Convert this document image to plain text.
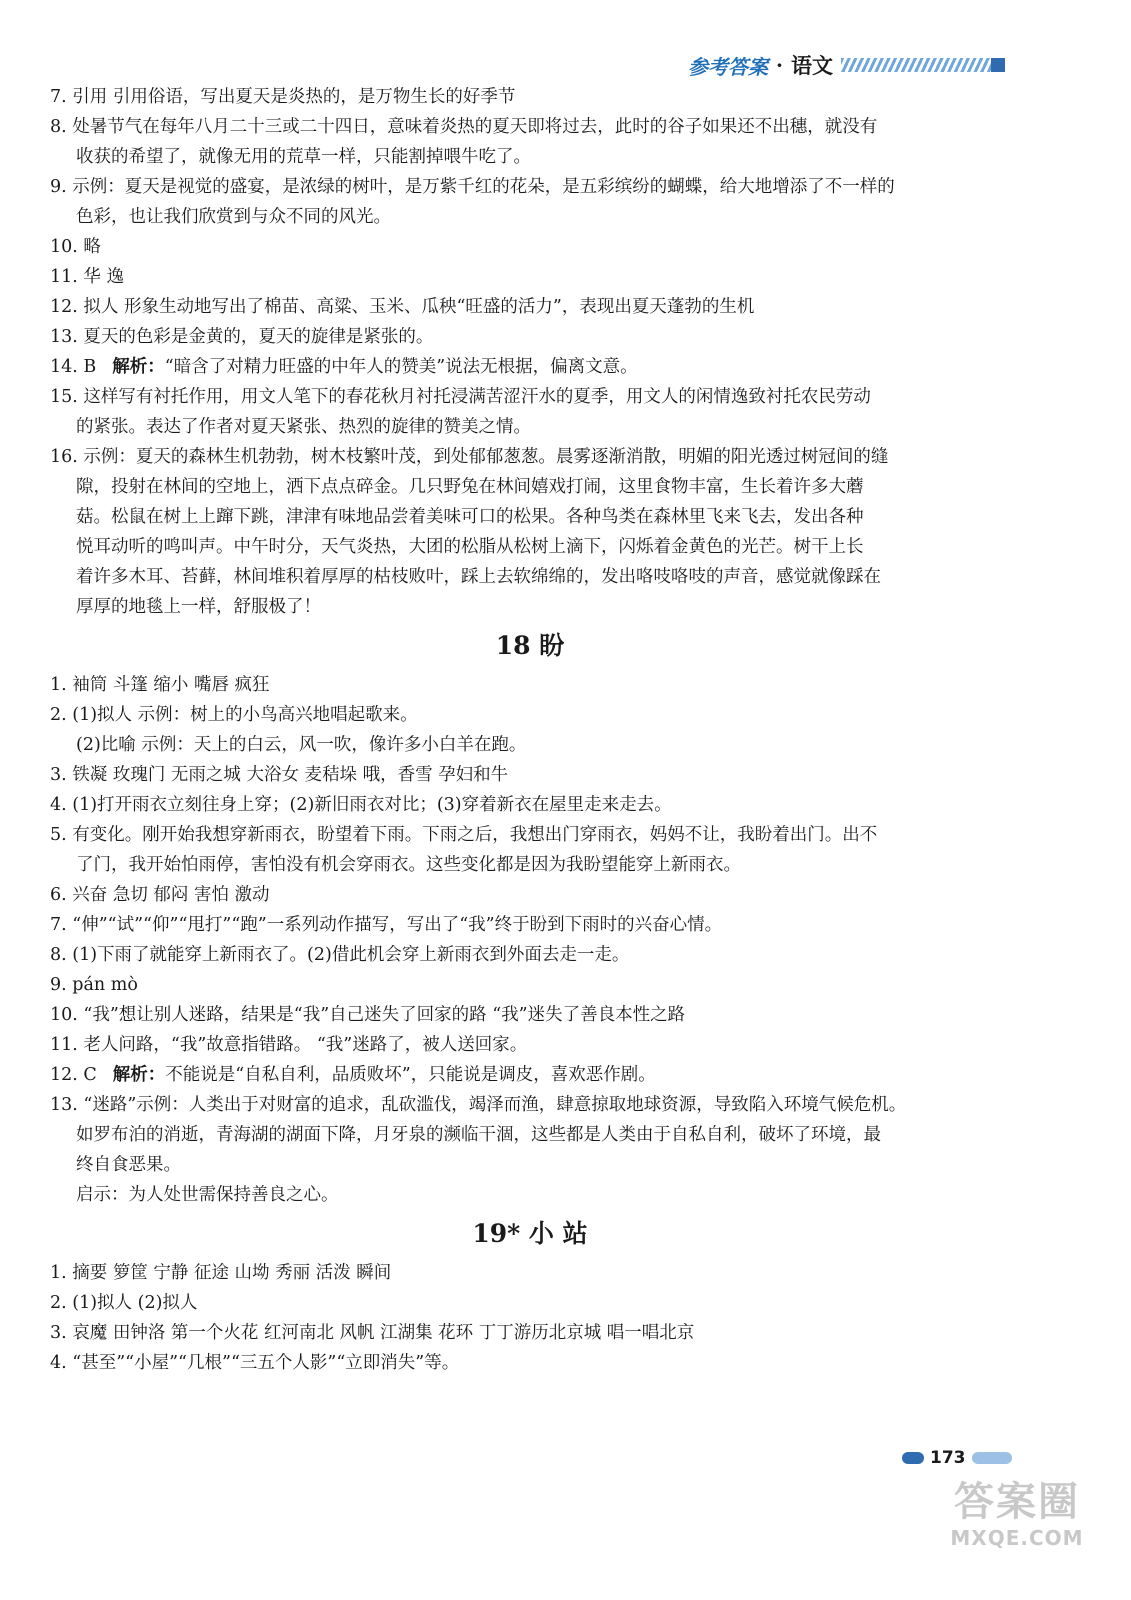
参考答案 · 语文
7. 引用 引用俗语，写出夏天是炎热的，是万物生长的好季节
8. 处暑节气在每年八月二十三或二十四日，意味着炎热的夏天即将过去，此时的谷子如果还不出穗，就没有
收获的希望了，就像无用的荒草一样，只能割掉喂牛吃了。
9. 示例：夏天是视觉的盛宴，是浓绿的树叶，是万紫千红的花朵，是五彩缤纷的蝴蝶，给大地增添了不一样的
色彩，也让我们欣赏到与众不同的风光。
10. 略
11. 华 逸
12. 拟人 形象生动地写出了棉苗、高粱、玉米、瓜秧“旺盛的活力”，表现出夏天蓬勃的生机
13. 夏天的色彩是金黄的，夏天的旋律是紧张的。
14. B 解析：“暗含了对精力旺盛的中年人的赞美”说法无根据，偏离文意。
15. 这样写有衬托作用，用文人笔下的春花秋月衬托浸满苦涩汗水的夏季，用文人的闲情逸致衬托农民劳动
的紧张。表达了作者对夏天紧张、热烈的旋律的赞美之情。
16. 示例：夏天的森林生机勃勃，树木枝繁叶茂，到处郁郁葱葱。晨雾逐渐消散，明媚的阳光透过树冠间的缝
隙，投射在林间的空地上，洒下点点碎金。几只野兔在林间嬉戏打闹，这里食物丰富，生长着许多大蘑
菇。松鼠在树上上蹿下跳，津津有味地品尝着美味可口的松果。各种鸟类在森林里飞来飞去，发出各种
悦耳动听的鸣叫声。中午时分，天气炎热，大团的松脂从松树上滴下，闪烁着金黄色的光芒。树干上长
着许多木耳、苔藓，林间堆积着厚厚的枯枝败叶，踩上去软绵绵的，发出咯吱咯吱的声音，感觉就像踩在
厚厚的地毯上一样，舒服极了！
18 盼
1. 袖筒 斗篷 缩小 嘴唇 疯狂
2. (1)拟人 示例：树上的小鸟高兴地唱起歌来。
(2)比喻 示例：天上的白云，风一吹，像许多小白羊在跑。
3. 铁凝 玫瑰门 无雨之城 大浴女 麦秸垛 哦，香雪 孕妇和牛
4. (1)打开雨衣立刻往身上穿；(2)新旧雨衣对比；(3)穿着新衣在屋里走来走去。
5. 有变化。刚开始我想穿新雨衣，盼望着下雨。下雨之后，我想出门穿雨衣，妈妈不让，我盼着出门。出不
了门，我开始怕雨停，害怕没有机会穿雨衣。这些变化都是因为我盼望能穿上新雨衣。
6. 兴奋 急切 郁闷 害怕 激动
7. “伸”“试”“仰”“甩打”“跑”一系列动作描写，写出了“我”终于盼到下雨时的兴奋心情。
8. (1)下雨了就能穿上新雨衣了。(2)借此机会穿上新雨衣到外面去走一走。
9. pán mò
10. “我”想让别人迷路，结果是“我”自己迷失了回家的路 “我”迷失了善良本性之路
11. 老人问路，“我”故意指错路。 “我”迷路了，被人送回家。
12. C 解析：不能说是“自私自利，品质败坏”，只能说是调皮，喜欢恶作剧。
13. “迷路”示例：人类出于对财富的追求，乱砍滥伐，竭泽而渔，肆意掠取地球资源，导致陷入环境气候危机。
如罗布泊的消逝，青海湖的湖面下降，月牙泉的濒临干涸，这些都是人类由于自私自利，破坏了环境，最
终自食恶果。
启示：为人处世需保持善良之心。
19* 小 站
1. 摘要 箩筐 宁静 征途 山坳 秀丽 活泼 瞬间
2. (1)拟人 (2)拟人
3. 哀魔 田钟洛 第一个火花 红河南北 风帆 江湖集 花环 丁丁游历北京城 唱一唱北京
4. “甚至”“小屋”“几根”“三五个人影”“立即消失”等。
173
答案圈
MXQE.COM
